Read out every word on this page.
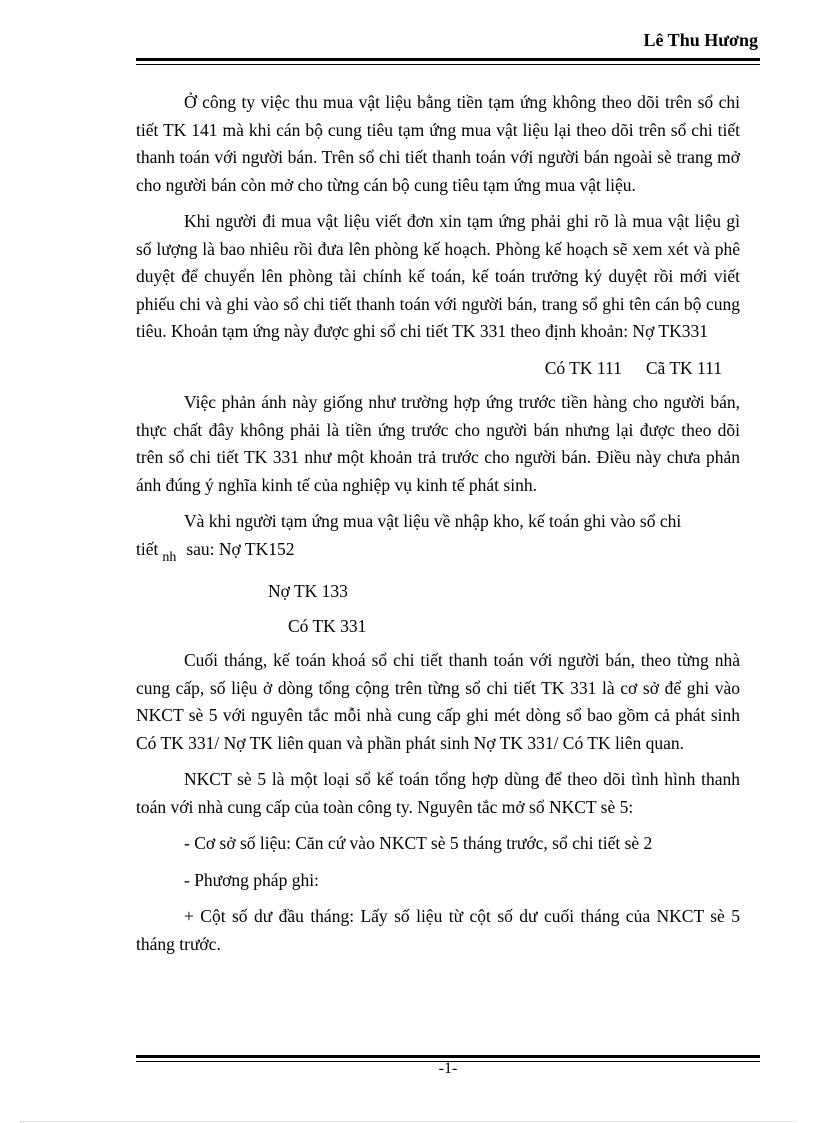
Lê Thu Hương

Ở công ty việc thu mua vật liệu bằng tiền tạm ứng không theo dõi trên sổ chi tiết TK 141 mà khi cán bộ cung tiêu tạm ứng mua vật liệu lại theo dõi trên sổ chi tiết thanh toán với người bán. Trên sổ chi tiết thanh toán với người bán ngoài sè trang mở cho người bán còn mở cho từng cán bộ cung tiêu tạm ứng mua vật liệu.

Khi người đi mua vật liệu viết đơn xin tạm ứng phải ghi rõ là mua vật liệu gì số lượng là bao nhiêu rồi đưa lên phòng kế hoạch. Phòng kế hoạch sẽ xem xét và phê duyệt để chuyển lên phòng tài chính kế toán, kế toán trưởng ký duyệt rồi mới viết phiếu chi và ghi vào sổ chi tiết thanh toán với người bán, trang sổ ghi tên cán bộ cung tiêu. Khoản tạm ứng này được ghi sổ chi tiết TK 331 theo định khoản: Nợ TK331

Có TK 111 Cã TK 111

Việc phản ánh này giống như trường hợp ứng trước tiền hàng cho người bán, thực chất đây không phải là tiền ứng trước cho người bán nhưng lại được theo dõi trên sổ chi tiết TK 331 như một khoản trả trước cho người bán. Điều này chưa phản ánh đúng ý nghĩa kinh tế của nghiệp vụ kinh tế phát sinh.

Và khi người tạm ứng mua vật liệu về nhập kho, kế toán ghi vào sổ chi

tiết $_{nh}$ sau: Nợ TK152
Nợ TK 133
Có TK 331

Cuối tháng, kế toán khoá sổ chi tiết thanh toán với người bán, theo từng nhà cung cấp, số liệu ở dòng tổng cộng trên từng sổ chi tiết TK 331 là cơ sở để ghi vào NKCT sè 5 với nguyên tắc mỗi nhà cung cấp ghi mét dòng sổ bao gồm cả phát sinh Có TK 331/ Nợ TK liên quan và phần phát sinh Nợ TK 331/ Có TK liên quan.

NKCT sè 5 là một loại sổ kế toán tổng hợp dùng để theo dõi tình hình thanh toán với nhà cung cấp của toàn công ty. Nguyên tắc mở sổ NKCT sè 5:

- Cơ sở số liệu: Căn cứ vào NKCT sè 5 tháng trước, sổ chi tiết sè 2

- Phương pháp ghi:

+ Cột số dư đầu tháng: Lấy số liệu từ cột số dư cuối tháng của NKCT sè 5 tháng trước.

-1-
